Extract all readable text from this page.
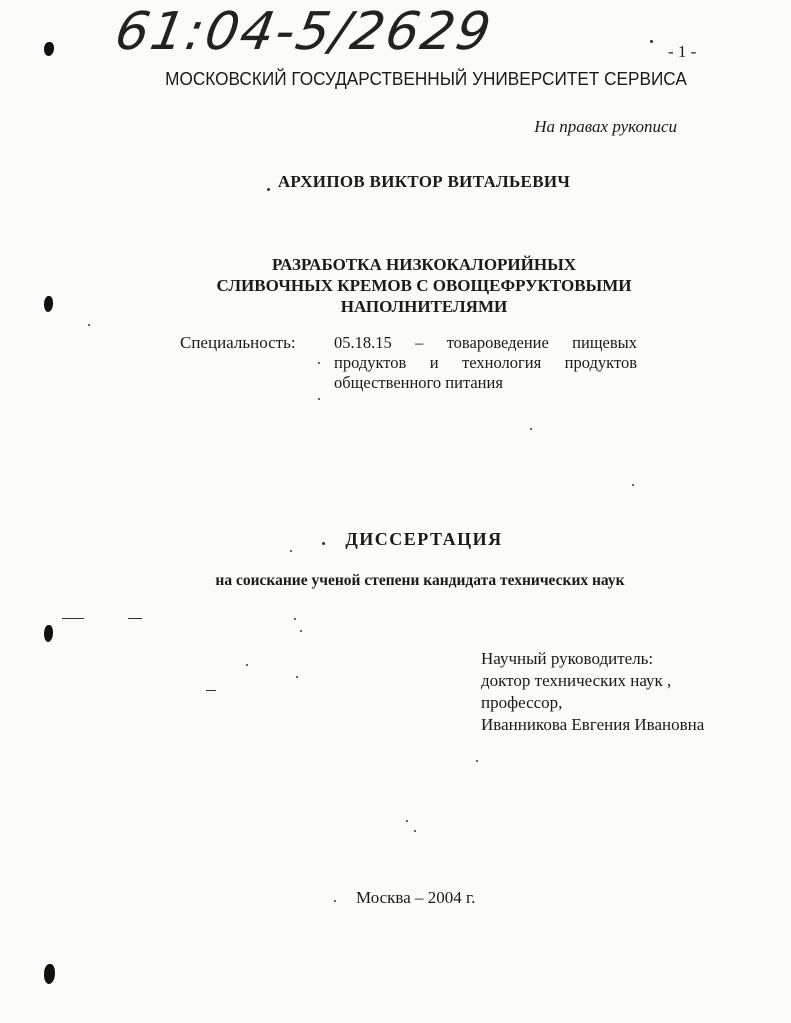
61:04-5/2629	- 1 -
МОСКОВСКИЙ ГОСУДАРСТВЕННЫЙ УНИВЕРСИТЕТ СЕРВИСА
На правах рукописи
АРХИПОВ ВИКТОР ВИТАЛЬЕВИЧ
РАЗРАБОТКА НИЗКОКАЛОРИЙНЫХ
СЛИВОЧНЫХ КРЕМОВ С ОВОЩЕФРУКТОВЫМИ
НАПОЛНИТЕЛЯМИ
Специальность: 05.18.15 – товароведение пищевых
продуктов и технология продуктов
общественного питания
ДИССЕРТАЦИЯ
на соискание ученой степени кандидата технических наук
Научный руководитель:
доктор технических наук ,
профессор,
Иванникова Евгения Ивановна
Москва – 2004 г.
